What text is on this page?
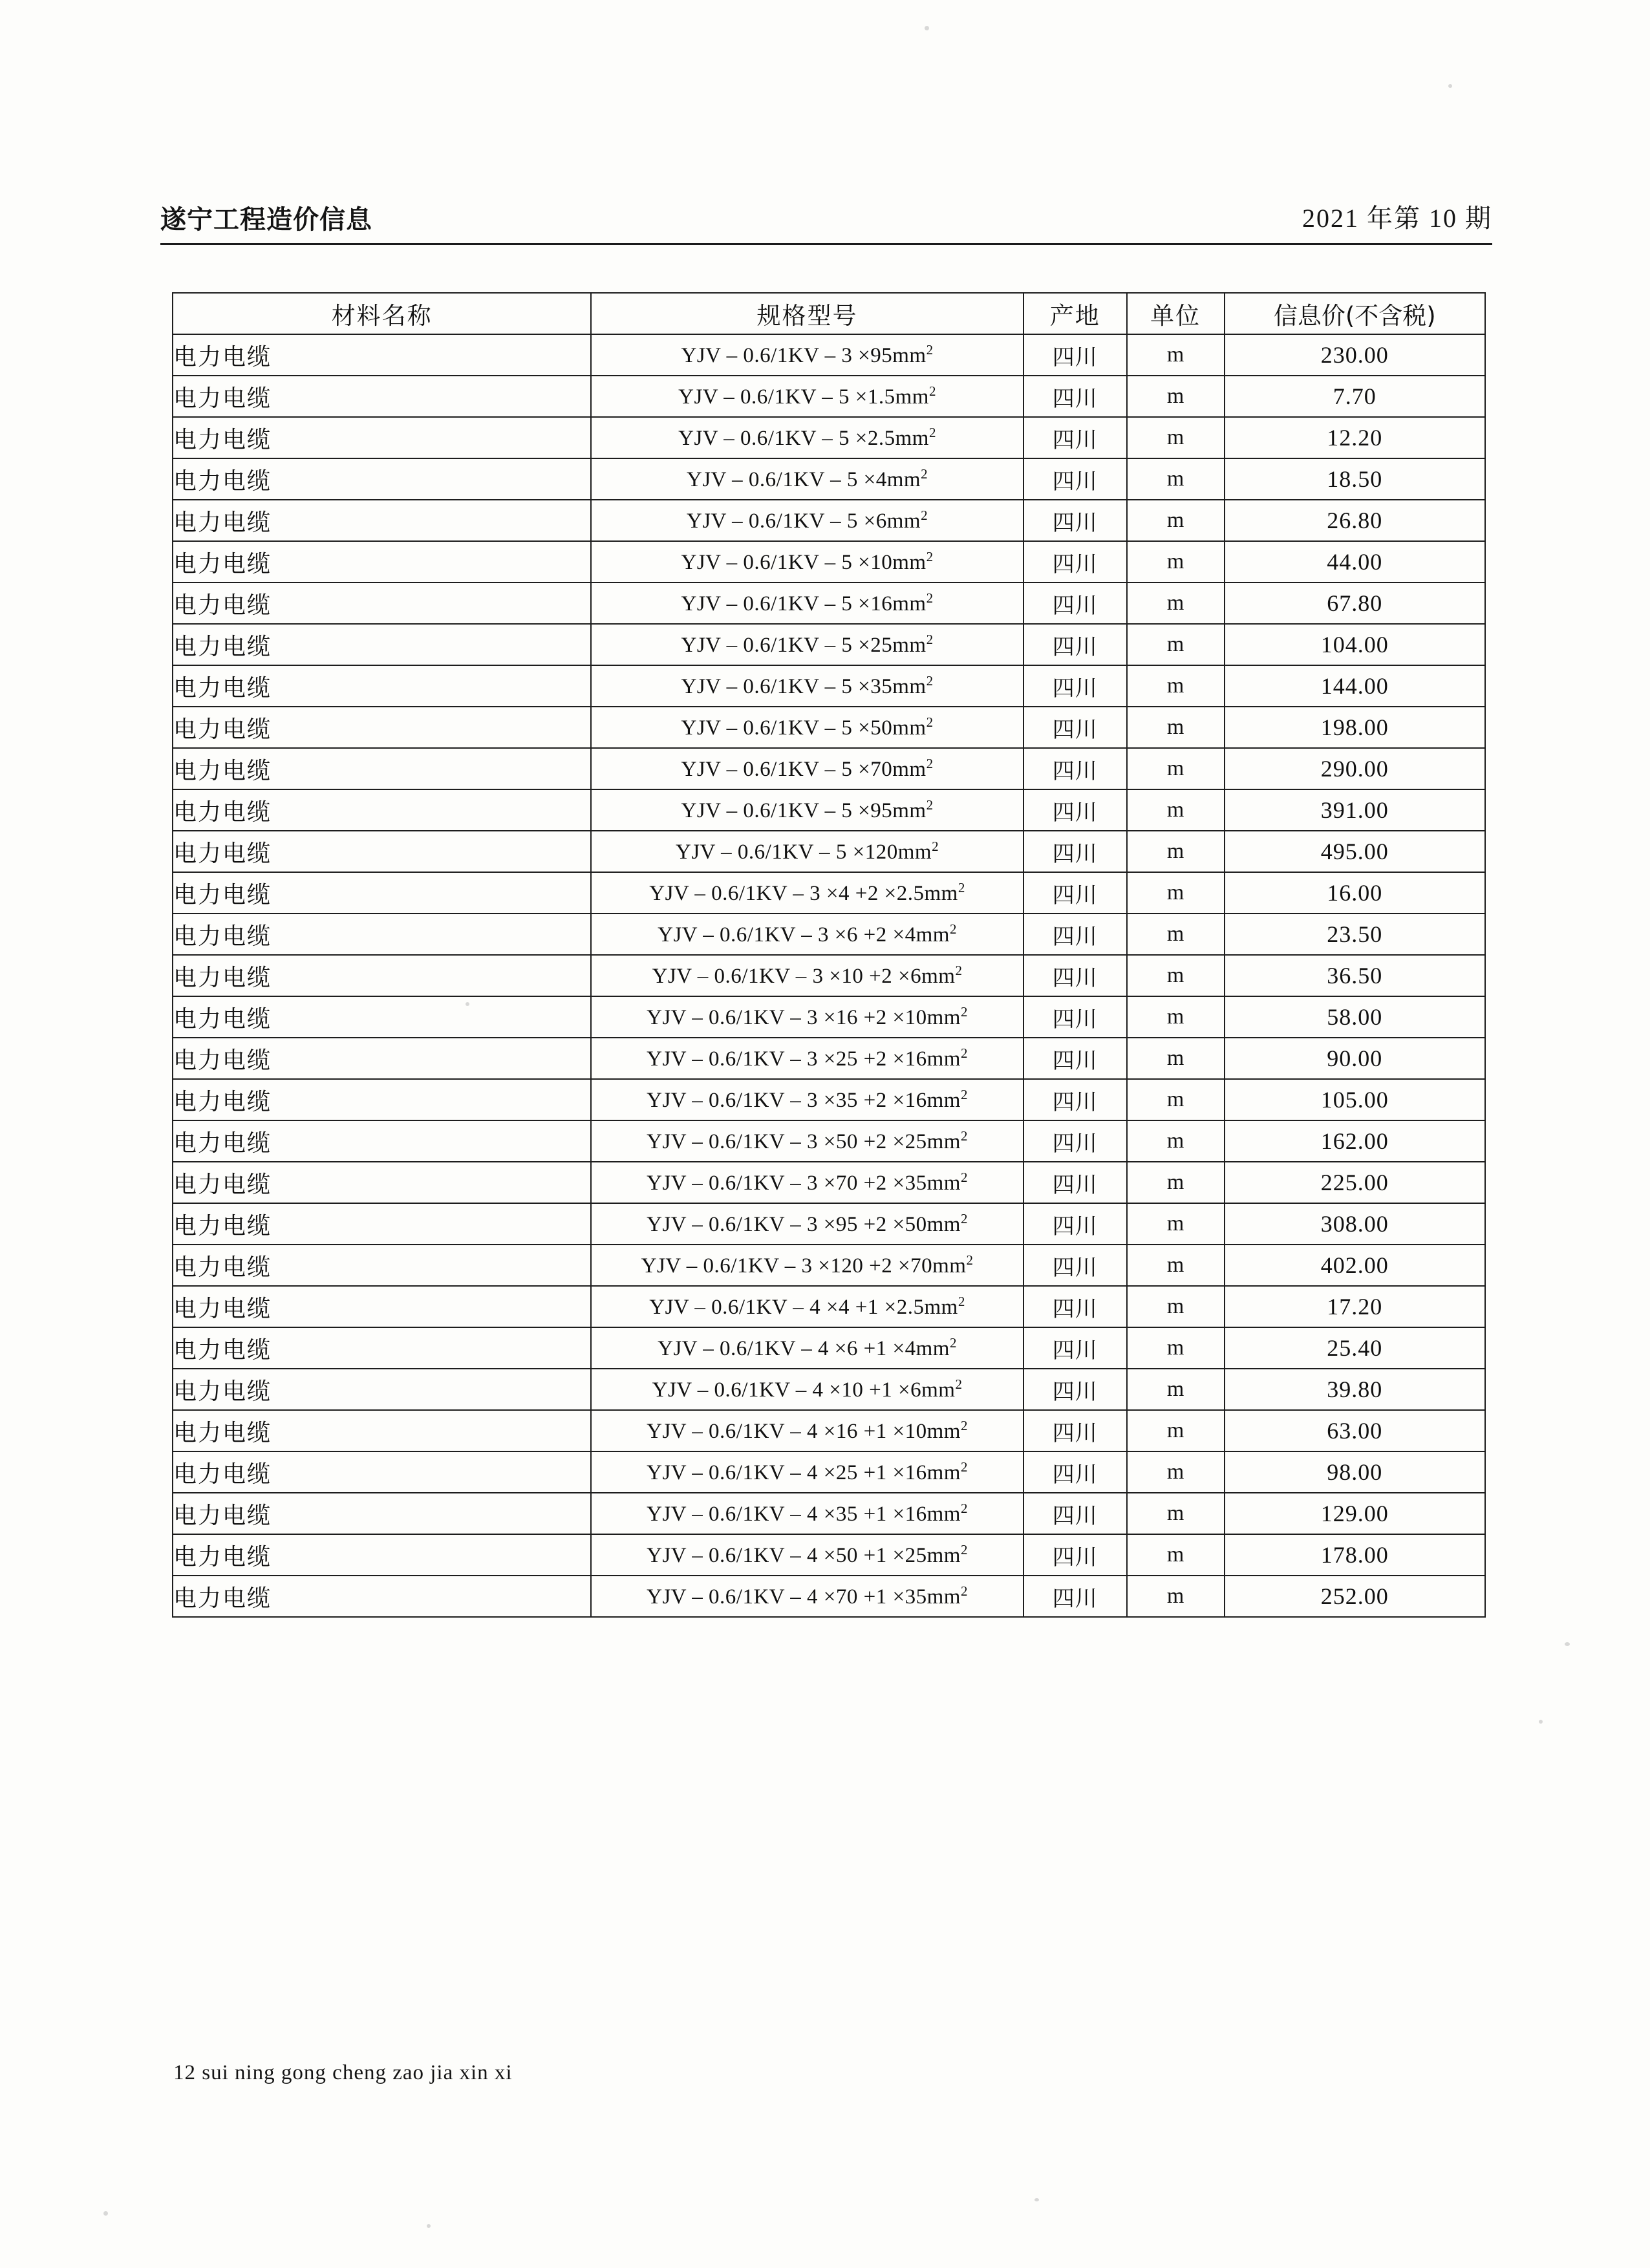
遂宁工程造价信息	2021 年第 10 期
材料名称	规格型号	产地	单位	信息价(不含税)
电力电缆	YJV – $0.6/1KV - 3 \times 95mm^2$	四川	m	230.00
电力电缆	YJV – $0.6/1KV - 5 \times 1.5mm^2$	四川	m	7.70
电力电缆	YJV – $0.6/1KV - 5 \times 2.5mm^2$	四川	m	12.20
电力电缆	YJV – $0.6/1KV - 5 \times 4mm^2$	四川	m	18.50
电力电缆	YJV – $0.6/1KV - 5 \times 6mm^2$	四川	m	26.80
电力电缆	YJV – $0.6/1KV - 5 \times 10mm^2$	四川	m	44.00
电力电缆	YJV – $0.6/1KV - 5 \times 16mm^2$	四川	m	67.80
电力电缆	YJV – $0.6/1KV - 5 \times 25mm^2$	四川	m	104.00
电力电缆	YJV – $0.6/1KV - 5 \times 35mm^2$	四川	m	144.00
电力电缆	YJV – $0.6/1KV - 5 \times 50mm^2$	四川	m	198.00
电力电缆	YJV – $0.6/1KV - 5 \times 70mm^2$	四川	m	290.00
电力电缆	YJV – $0.6/1KV - 5 \times 95mm^2$	四川	m	391.00
电力电缆	YJV – $0.6/1KV - 5 \times 120mm^2$	四川	m	495.00
电力电缆	YJV – $0.6/1KV - 3 \times 4 +2 \times 2.5mm^2$	四川	m	16.00
电力电缆	YJV – $0.6/1KV - 3 \times 6 +2 \times 4mm^2$	四川	m	23.50
电力电缆	YJV – $0.6/1KV - 3 \times 10 +2 \times 6mm^2$	四川	m	36.50
电力电缆	YJV – $0.6/1KV - 3 \times 16 +2 \times 10mm^2$	四川	m	58.00
电力电缆	YJV – $0.6/1KV - 3 \times 25 +2 \times 16mm^2$	四川	m	90.00
电力电缆	YJV – $0.6/1KV - 3 \times 35 +2 \times 16mm^2$	四川	m	105.00
电力电缆	YJV – $0.6/1KV - 3 \times 50 +2 \times 25mm^2$	四川	m	162.00
电力电缆	YJV – $0.6/1KV - 3 \times 70 +2 \times 35mm^2$	四川	m	225.00
电力电缆	YJV – $0.6/1KV - 3 \times 95 +2 \times 50mm^2$	四川	m	308.00
电力电缆	YJV – $0.6/1KV - 3 \times 120 +2 \times 70mm^2$	四川	m	402.00
电力电缆	YJV – $0.6/1KV - 4 \times 4 +1 \times 2.5mm^2$	四川	m	17.20
电力电缆	YJV – $0.6/1KV - 4 \times 6 +1 \times 4mm^2$	四川	m	25.40
电力电缆	YJV – $0.6/1KV - 4 \times 10 +1 \times 6mm^2$	四川	m	39.80
电力电缆	YJV – $0.6/1KV - 4 \times 16 +1 \times 10mm^2$	四川	m	63.00
电力电缆	YJV – $0.6/1KV - 4 \times 25 +1 \times 16mm^2$	四川	m	98.00
电力电缆	YJV – $0.6/1KV - 4 \times 35 +1 \times 16mm^2$	四川	m	129.00
电力电缆	YJV – $0.6/1KV - 4 \times 50 +1 \times 25mm^2$	四川	m	178.00
电力电缆	YJV – $0.6/1KV - 4 \times 70 +1 \times 35mm^2$	四川	m	252.00
12 sui ning gong cheng zao jia xin xi
